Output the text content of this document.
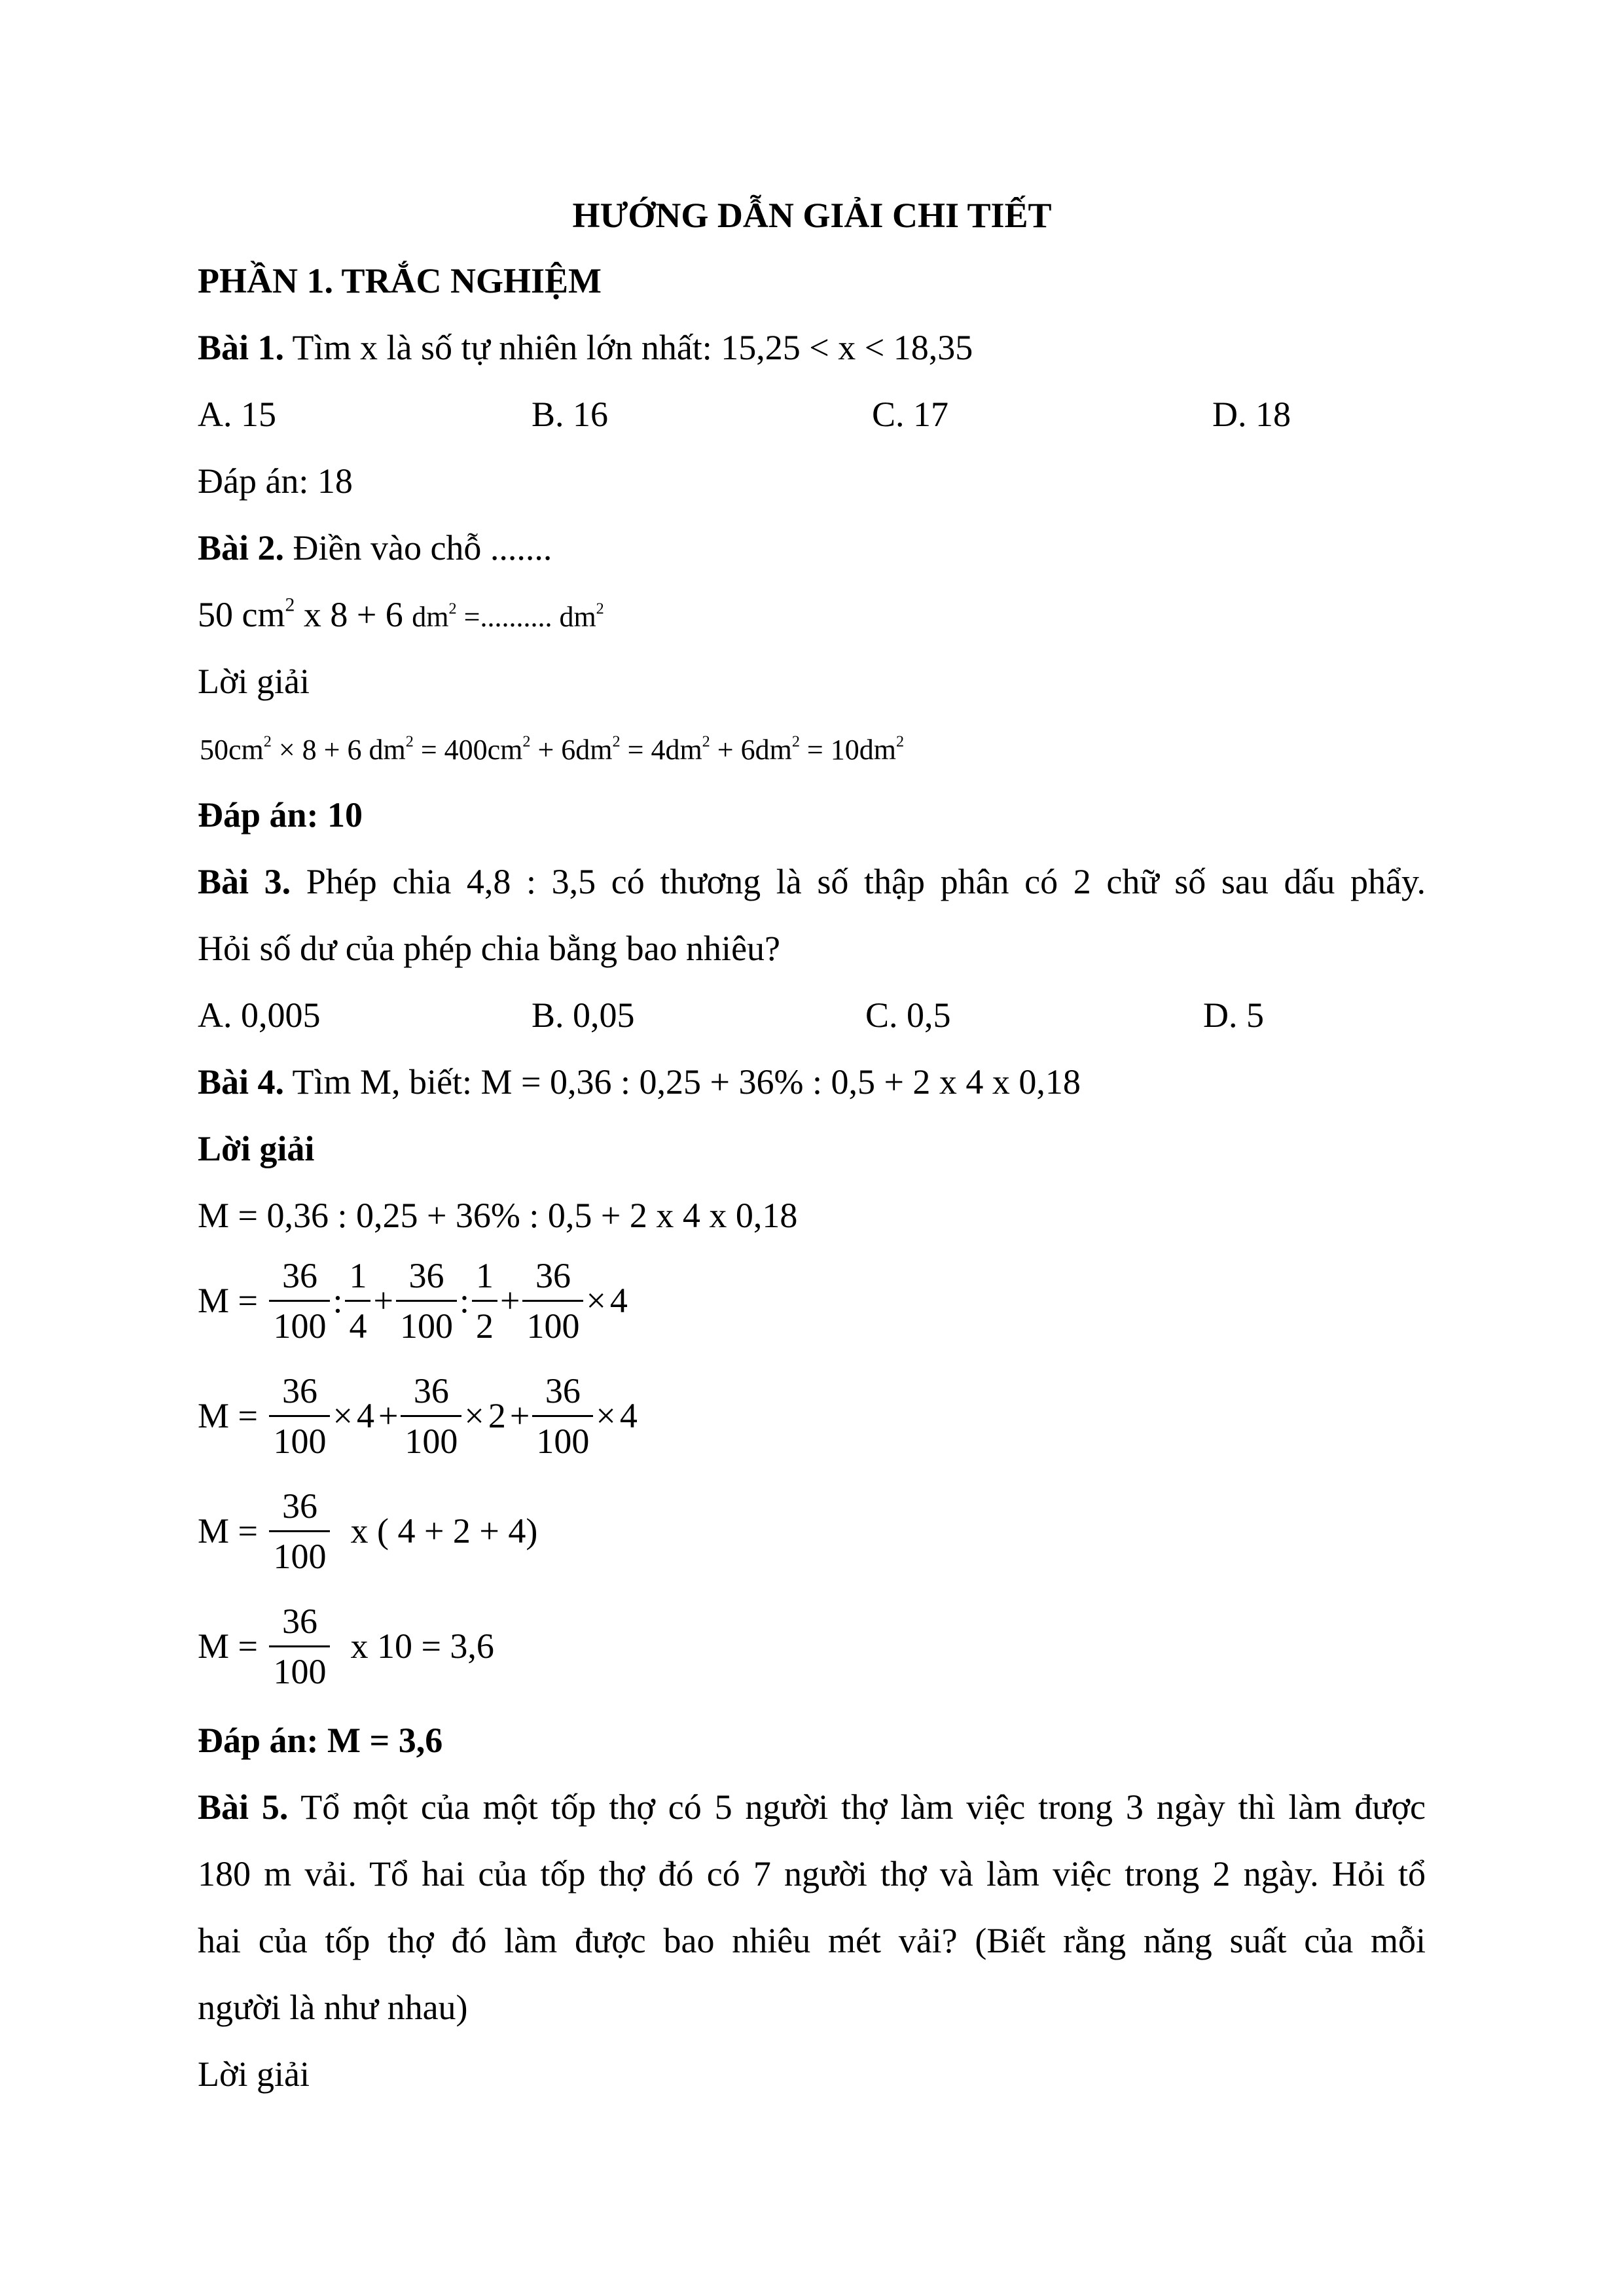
HƯỚNG DẪN GIẢI CHI TIẾT
PHẦN 1. TRẮC NGHIỆM
Bài 1. Tìm x là số tự nhiên lớn nhất: 15,25 < x < 18,35
A. 15	B. 16	C. 17	D. 18
Đáp án: 18
Bài 2. Điền vào chỗ .......
50 $cm^2$ x 8 + 6 $dm^2$ =.......... $dm^2$
Lời giải
$50cm^2 \times 8 + 6$ $dm^2 = 400cm^2 + 6dm^2 = 4dm^2 + 6dm^2 = 10dm^2$
Đáp án: 10
Bài 3. Phép chia 4,8 : 3,5 có thương là số thập phân có 2 chữ số sau dấu phẩy.
Hỏi số dư của phép chia bằng bao nhiêu?
A. 0,005	B. 0,05	C. 0,5	D. 5
Bài 4. Tìm M, biết: M = 0,36 : 0,25 + 36% : 0,5 + 2 x 4 x 0,18
Lời giải
M = 0,36 : 0,25 + 36% : 0,5 + 2 x 4 x 0,18
$M = \frac{36}{100}$ : $\frac{1}{4} + \frac{36}{100}$ : $\frac{1}{2} + \frac{36}{100} \times 4$
$M = \frac{36}{100} \times 4 + \frac{36}{100} \times 2 + \frac{36}{100} \times 4$
$M = \frac{36}{100}$ x ( 4 + 2 + 4)
$M = \frac{36}{100}$ x 10 = 3,6
Đáp án: M = 3,6
Bài 5. Tổ một của một tốp thợ có 5 người thợ làm việc trong 3 ngày thì làm được
180 m vải. Tổ hai của tốp thợ đó có 7 người thợ và làm việc trong 2 ngày. Hỏi tổ
hai của tốp thợ đó làm được bao nhiêu mét vải? (Biết rằng năng suất của mỗi
người là như nhau)
Lời giải
